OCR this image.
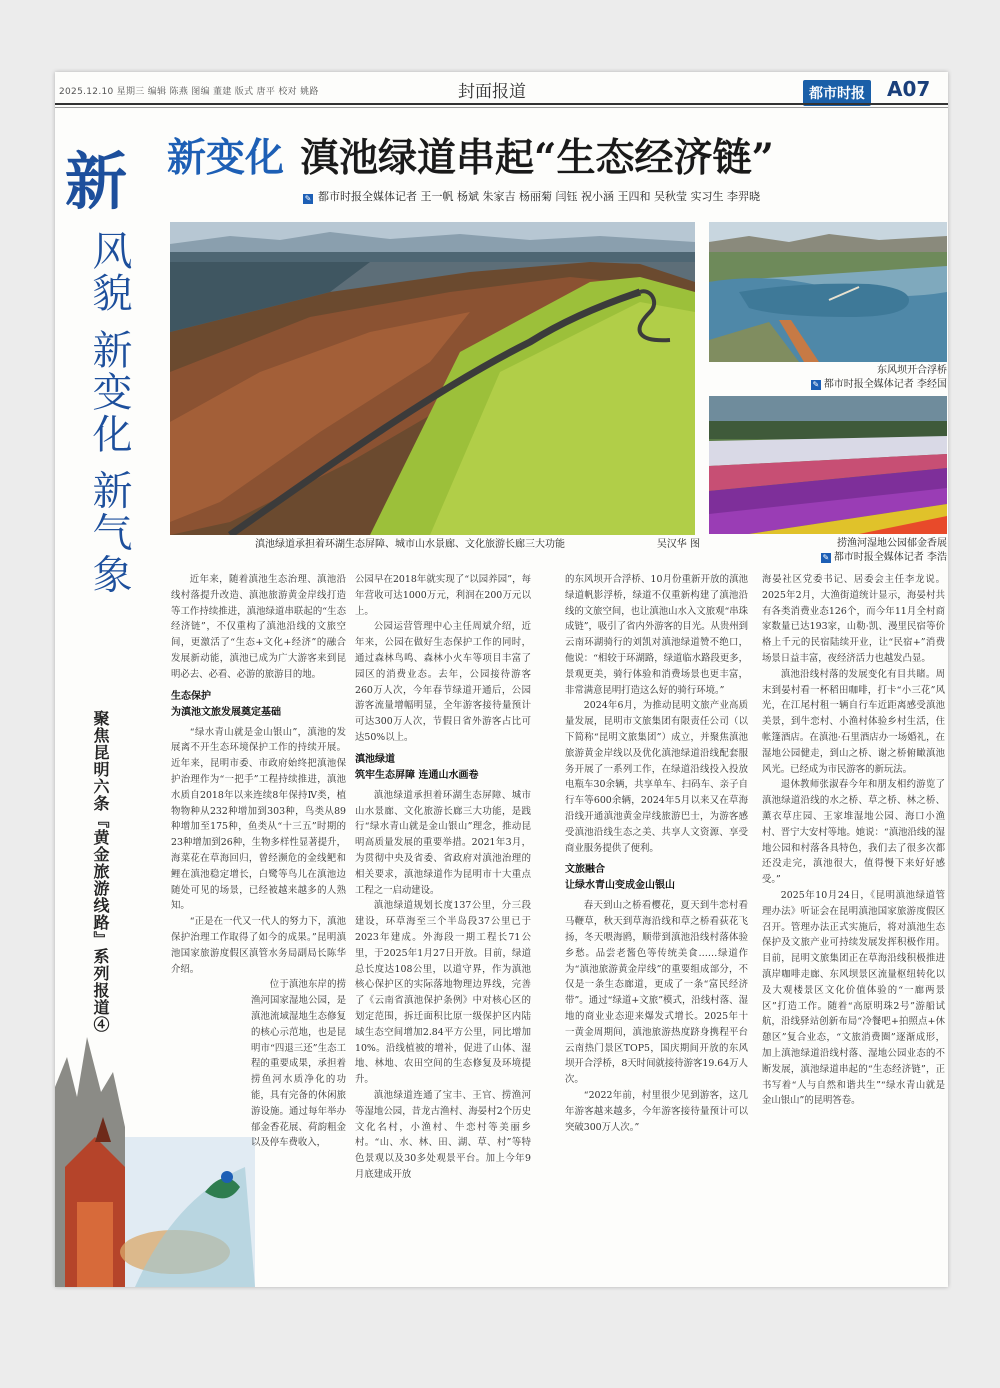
2025.12.10 星期三 编辑 陈燕 图编 董建 版式 唐平 校对 姚路	封面报道	都市时报	A07
新
风貌 新变化 新气象
聚焦昆明六条『黄金旅游线路』系列报道④
新变化 滇池绿道串起“生态经济链”
✎ 都市时报全媒体记者 王一帆 杨斌 朱家吉 杨丽菊 闫钰 祝小涵 王四和 吴秋莹 实习生 李羿晓
滇池绿道承担着环湖生态屏障、城市山水景廊、文化旅游长廊三大功能	吴汉华 图
东风坝开合浮桥
✎ 都市时报全媒体记者 李经国
捞渔河湿地公园郁金香展
✎ 都市时报全媒体记者 李浩

近年来，随着滇池生态治理、滇池沿线村落提升改造、滇池旅游黄金岸线打造等工作持续推进，滇池绿道串联起的“生态经济链”，不仅重构了滇池沿线的文旅空间，更激活了“生态+文化+经济”的融合发展新动能，滇池已成为广大游客来到昆明必去、必看、必游的旅游目的地。

生态保护
为滇池文旅发展奠定基础

“绿水青山就是金山银山”，滇池的发展离不开生态环境保护工作的持续开展。近年来，昆明市委、市政府始终把滇池保护治理作为“一把手”工程持续推进，滇池水质自2018年以来连续8年保持Ⅳ类，植物物种从232种增加到303种，鸟类从89种增加至175种，鱼类从“十三五”时期的23种增加到26种，生物多样性显著提升，海菜花在草海回归，曾经濒危的金线鲃和鲤在滇池稳定增长，白鹭等鸟儿在滇池边随处可见的场景，已经被越来越多的人熟知。

“正是在一代又一代人的努力下，滇池保护治理工作取得了如今的成果。”昆明滇池国家旅游度假区滇管水务局副局长陈华介绍。

位于滇池东岸的捞渔河国家湿地公园，是滇池流域湿地生态修复的核心示范地，也是昆明市“四退三还”生态工程的重要成果，承担着捞鱼河水质净化的功能，具有完备的休闲旅游设施。通过每年举办郁金香花展、荷韵粗金以及停车费收入，

公园早在2018年就实现了“以园养园”，每年营收可达1000万元，利润在200万元以上。

公园运营管理中心主任周斌介绍，近年来，公园在做好生态保护工作的同时，通过森林鸟鸣、森林小火车等项目丰富了园区的消费业态。去年，公园接待游客260万人次，今年春节绿道开通后，公园游客流量增幅明显，全年游客接待量预计可达300万人次，节假日省外游客占比可达50%以上。

滇池绿道
筑牢生态屏障 连通山水画卷

滇池绿道承担着环湖生态屏障、城市山水景廊、文化旅游长廊三大功能，是践行“绿水青山就是金山银山”理念，推动昆明高质量发展的重要举措。2021年3月，为贯彻中央及省委、省政府对滇池治理的相关要求，滇池绿道作为昆明市十大重点工程之一启动建设。

滇池绿道规划长度137公里，分三段建设，环草海至三个半岛段37公里已于2023年建成。外海段一期工程长71公里，于2025年1月27日开放。目前，绿道总长度达108公里，以道守界，作为滇池核心保护区的实际落地物理边界线，完善了《云南省滇池保护条例》中对核心区的划定范围，拆迁面积比原一级保护区内陆域生态空间增加2.84平方公里，同比增加10%。沿线植被的增补，促进了山体、湿地、林地、农田空间的生态修复及环境提升。

滇池绿道连通了宝丰、王官、捞渔河等湿地公园，昔龙古渔村、海晏村2个历史文化名村，小渔村、牛恋村等美丽乡村。“山、水、林、田、湖、草、村”等特色景观以及30多处观景平台。加上今年9月底建成开放

的东风坝开合浮桥、10月份重新开放的滇池绿道帆影浮桥，绿道不仅重新构建了滇池沿线的文旅空间，也让滇池山水入文旅观“串珠成链”，吸引了省内外游客的目光。从贵州到云南环湖骑行的刘凯对滇池绿道赞不绝口，他说：“相较于环湖路，绿道临水路段更多，景观更美，骑行体验和消费场景也更丰富，非常满意昆明打造这么好的骑行环境。”

2024年6月，为推动昆明文旅产业高质量发展，昆明市文旅集团有限责任公司（以下简称“昆明文旅集团”）成立，并聚焦滇池旅游黄金岸线以及优化滇池绿道沿线配套服务开展了一系列工作，在绿道沿线投入投放电瓶车30余辆，共享单车、扫码车、亲子自行车等600余辆，2024年5月以来又在草海沿线开通滇池黄金岸线旅游巴士，为游客感受滇池沿线生态之美、共享人文资源、享受商业服务提供了便利。

文旅融合
让绿水青山变成金山银山

春天到山之桥看樱花，夏天到牛恋村看马鞭草，秋天到草海沿线和草之桥看荻花飞扬，冬天喂海鸥，顺带到滇池沿线村落体验乡愁。品尝老酱色等传统美食……绿道作为“滇池旅游黄金岸线”的重要组成部分，不仅是一条生态廊道，更成了一条“富民经济带”。通过“绿道+文旅”模式，沿线村落、湿地的商业业态迎来爆发式增长。2025年十一黄金周期间，滇池旅游热度跻身携程平台云南热门景区TOP5，国庆期间开放的东风坝开合浮桥，8天时间就接待游客19.64万人次。

“2022年前，村里很少见到游客，这几年游客越来越多，今年游客接待量预计可以突破300万人次。”

海晏社区党委书记、居委会主任李龙说。2025年2月，大渔街道统计显示，海晏村共有各类消费业态126个，而今年11月全村商家数量已达193家，山勒·凯、漫里民宿等价格上千元的民宿陆续开业，让“民宿+”消费场景日益丰富，夜经济活力也越发凸显。

滇池沿线村落的发展变化有目共睹。周末到晏村看一杯稻田咖啡，打卡“小三花”风光，在江尾村租一辆自行车近距离感受滇池美景，到牛恋村、小渔村体验乡村生活，住帐篷酒店。在滇池·石里酒店办一场婚礼，在湿地公园健走，到山之桥、谢之桥俯瞰滇池风光。已经成为市民游客的新玩法。

退休教师张淑春今年和朋友相约游览了滇池绿道沿线的水之桥、草之桥、林之桥、薰衣草庄园、王家堆湿地公园、海口小渔村、晋宁大安村等地。她说：“滇池沿线的湿地公园和村落各具特色，我们去了很多次都还没走完，滇池很大，值得慢下来好好感受。”

2025年10月24日，《昆明滇池绿道管理办法》听证会在昆明滇池国家旅游度假区召开。管理办法正式实施后，将对滇池生态保护及文旅产业可持续发展发挥积极作用。目前，昆明文旅集团正在草海沿线积极推进滇岸咖啡走廊、东风坝景区流量枢纽转化以及大观楼景区文化价值体验的“一廊两景区”打造工作。随着“高原明珠2号”游船试航，沿线驿站创新布局“冷餐吧+拍照点+休憩区”复合业态，“文旅消费圈”逐渐成形，加上滇池绿道沿线村落、湿地公园业态的不断发展，滇池绿道串起的“生态经济链”，正书写着“人与自然和谐共生”“绿水青山就是金山银山”的昆明答卷。
